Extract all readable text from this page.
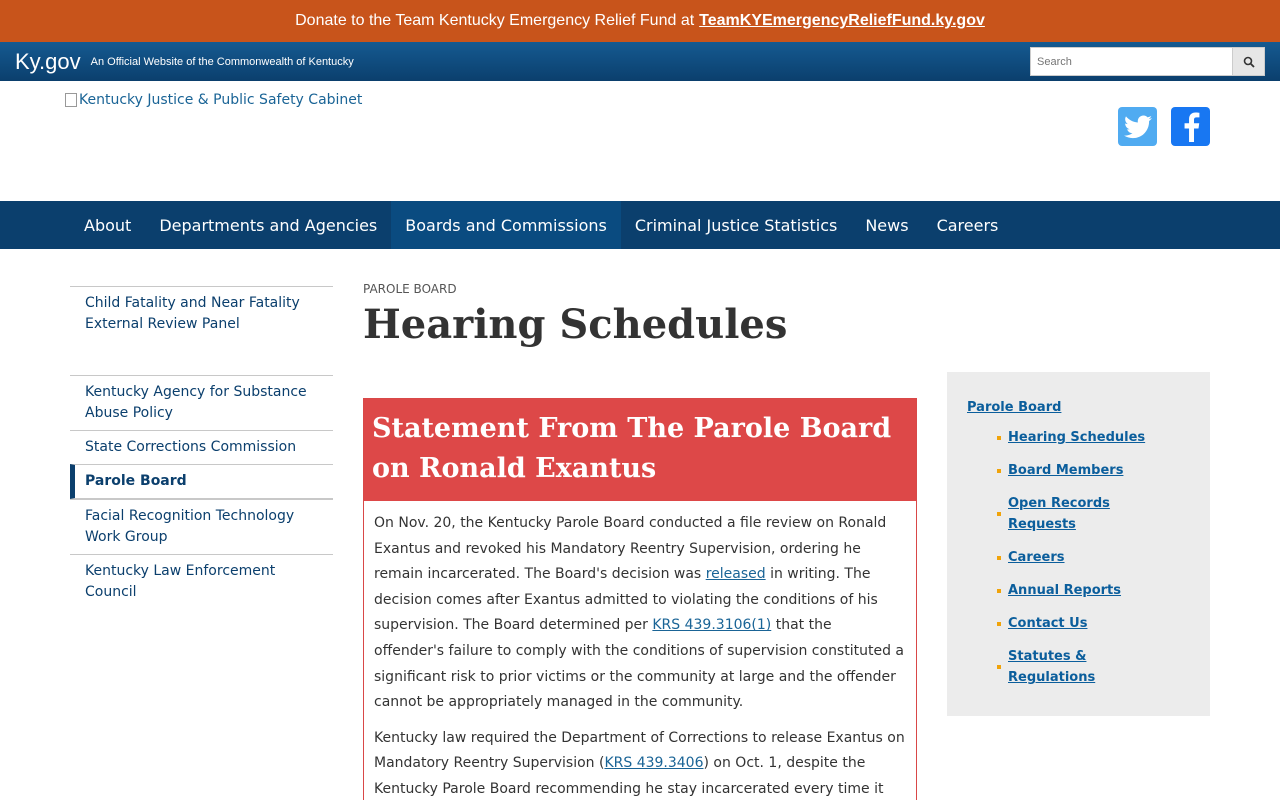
Donate to the Team Kentucky Emergency Relief Fund at TeamKYEmergencyReliefFund.ky.gov
Ky.gov An Official Website of the Commonwealth of Kentucky
Search
Kentucky Justice & Public Safety Cabinet
About	Departments and Agencies	Boards and Commissions	Criminal Justice Statistics	News	Careers
Child Fatality and Near Fatality External Review Panel
Kentucky Agency for Substance Abuse Policy
State Corrections Commission
Parole Board
Facial Recognition Technology Work Group
Kentucky Law Enforcement Council
PAROLE BOARD
Hearing Schedules
Statement From The Parole Board on Ronald Exantus

On Nov. 20, the Kentucky Parole Board conducted a file review on Ronald Exantus and revoked his Mandatory Reentry Supervision, ordering he remain incarcerated. The Board's decision was released in writing. The decision comes after Exantus admitted to violating the conditions of his supervision. The Board determined per KRS 439.3106(1) that the offender's failure to comply with the conditions of supervision constituted a significant risk to prior victims or the community at large and the offender cannot be appropriately managed in the community.

Kentucky law required the Department of Corrections to release Exantus on Mandatory Reentry Supervision (KRS 439.3406) on Oct. 1, despite the Kentucky Parole Board recommending he stay incarcerated every time it

Parole Board
Hearing Schedules
Board Members
Open Records Requests
Careers
Annual Reports
Contact Us
Statutes & Regulations
